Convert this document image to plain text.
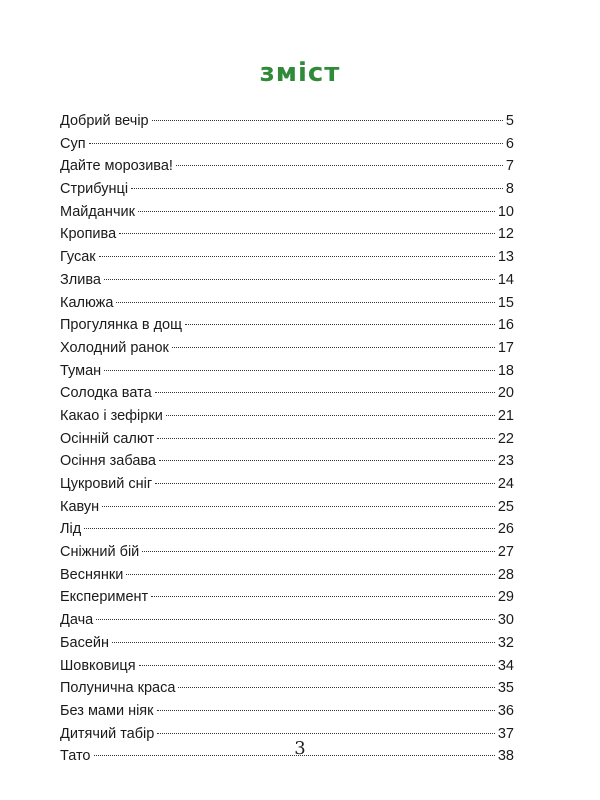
зміст
Добрий вечір	5
Суп	6
Дайте морозива!	7
Стрибунці	8
Майданчик	10
Кропива	12
Гусак	13
Злива	14
Калюжа	15
Прогулянка в дощ	16
Холодний ранок	17
Туман	18
Солодка вата	20
Какао і зефірки	21
Осінній салют	22
Осіння забава	23
Цукровий сніг	24
Кавун	25
Лід	26
Сніжний бій	27
Веснянки	28
Експеримент	29
Дача	30
Басейн	32
Шовковиця	34
Полунична краса	35
Без мами ніяк	36
Дитячий табір	37
Тато	38
3
